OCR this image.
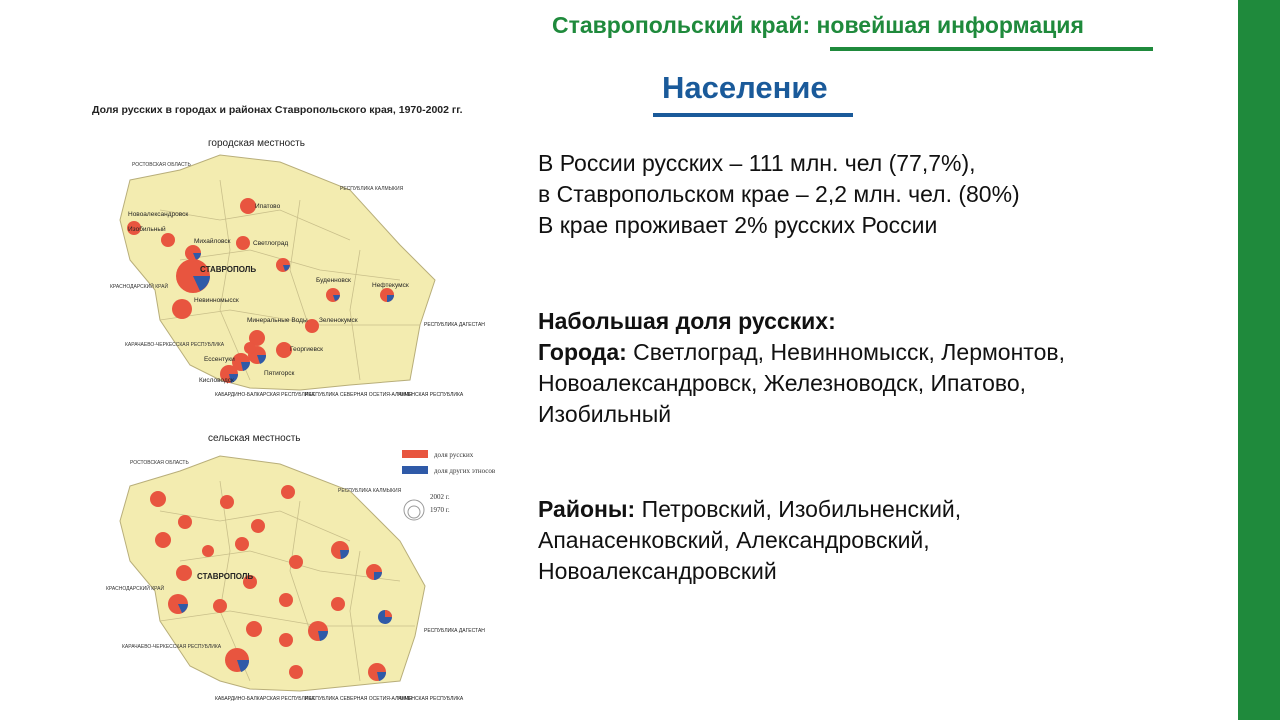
Ставропольский край: новейшая информация
Население
Доля русских в городах и районах Ставропольского края, 1970-2002 гг.
городская местность
сельская местность
Ипатово
Новоалександровск
Изобильный
Михайловск	Светлоград
СТАВРОПОЛЬ
Буденновск
Нефтекумск
Невинномысск
Зеленокумск
Минеральные Воды
Георгиевск
Ессентуки
Пятигорск
Кисловодск
РОСТОВСКАЯ ОБЛАСТЬ
РЕСПУБЛИКА КАЛМЫКИЯ
КРАСНОДАРСКИЙ КРАЙ
КАРАЧАЕВО-ЧЕРКЕССКАЯ РЕСПУБЛИКА
РЕСПУБЛИКА ДАГЕСТАН
КАБАРДИНО-БАЛКАРСКАЯ РЕСПУБЛИКА
РЕСПУБЛИКА СЕВЕРНАЯ ОСЕТИЯ-АЛАНИЯ
ЧЕЧЕНСКАЯ РЕСПУБЛИКА
СТАВРОПОЛЬ
РОСТОВСКАЯ ОБЛАСТЬ
РЕСПУБЛИКА КАЛМЫКИЯ
КРАСНОДАРСКИЙ КРАЙ
КАРАЧАЕВО-ЧЕРКЕССКАЯ РЕСПУБЛИКА
РЕСПУБЛИКА ДАГЕСТАН
КАБАРДИНО-БАЛКАРСКАЯ РЕСПУБЛИКА
РЕСПУБЛИКА СЕВЕРНАЯ ОСЕТИЯ-АЛАНИЯ
ЧЕЧЕНСКАЯ РЕСПУБЛИКА
доля русских
доля других этносов
2002 г.
1970 г.

В России русских – 111 млн. чел (77,7%),

в Ставропольском крае – 2,2 млн. чел. (80%)

В крае проживает 2% русских России

Набольшая доля русских:

Города: Светлоград, Невинномысск, Лермонтов,

Новоалександровск, Железноводск, Ипатово,

Изобильный

Районы: Петровский, Изобильненский,

Апанасенковский, Александровский,

Новоалександровский
